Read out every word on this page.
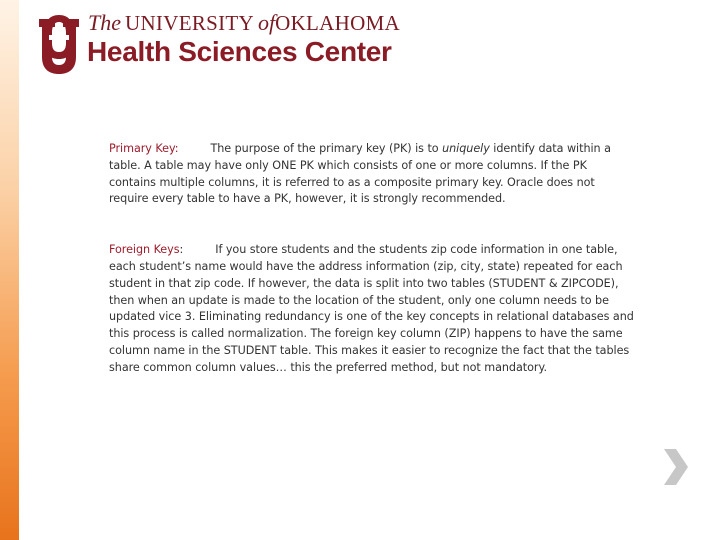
The UNIVERSITY ofOKLAHOMA
Health Sciences Center

Primary Key:	The purpose of the primary key (PK) is to uniquely identify data within a table. A table may have only ONE PK which consists of one or more columns. If the PK contains multiple columns, it is referred to as a composite primary key. Oracle does not require every table to have a PK, however, it is strongly recommended.

Foreign Keys:	If you store students and the students zip code information in one table, each student’s name would have the address information (zip, city, state) repeated for each student in that zip code. If however, the data is split into two tables (STUDENT & ZIPCODE), then when an update is made to the location of the student, only one column needs to be updated vice 3. Eliminating redundancy is one of the key concepts in relational databases and this process is called normalization. The foreign key column (ZIP) happens to have the same column name in the STUDENT table. This makes it easier to recognize the fact that the tables share common column values… this the preferred method, but not mandatory.
